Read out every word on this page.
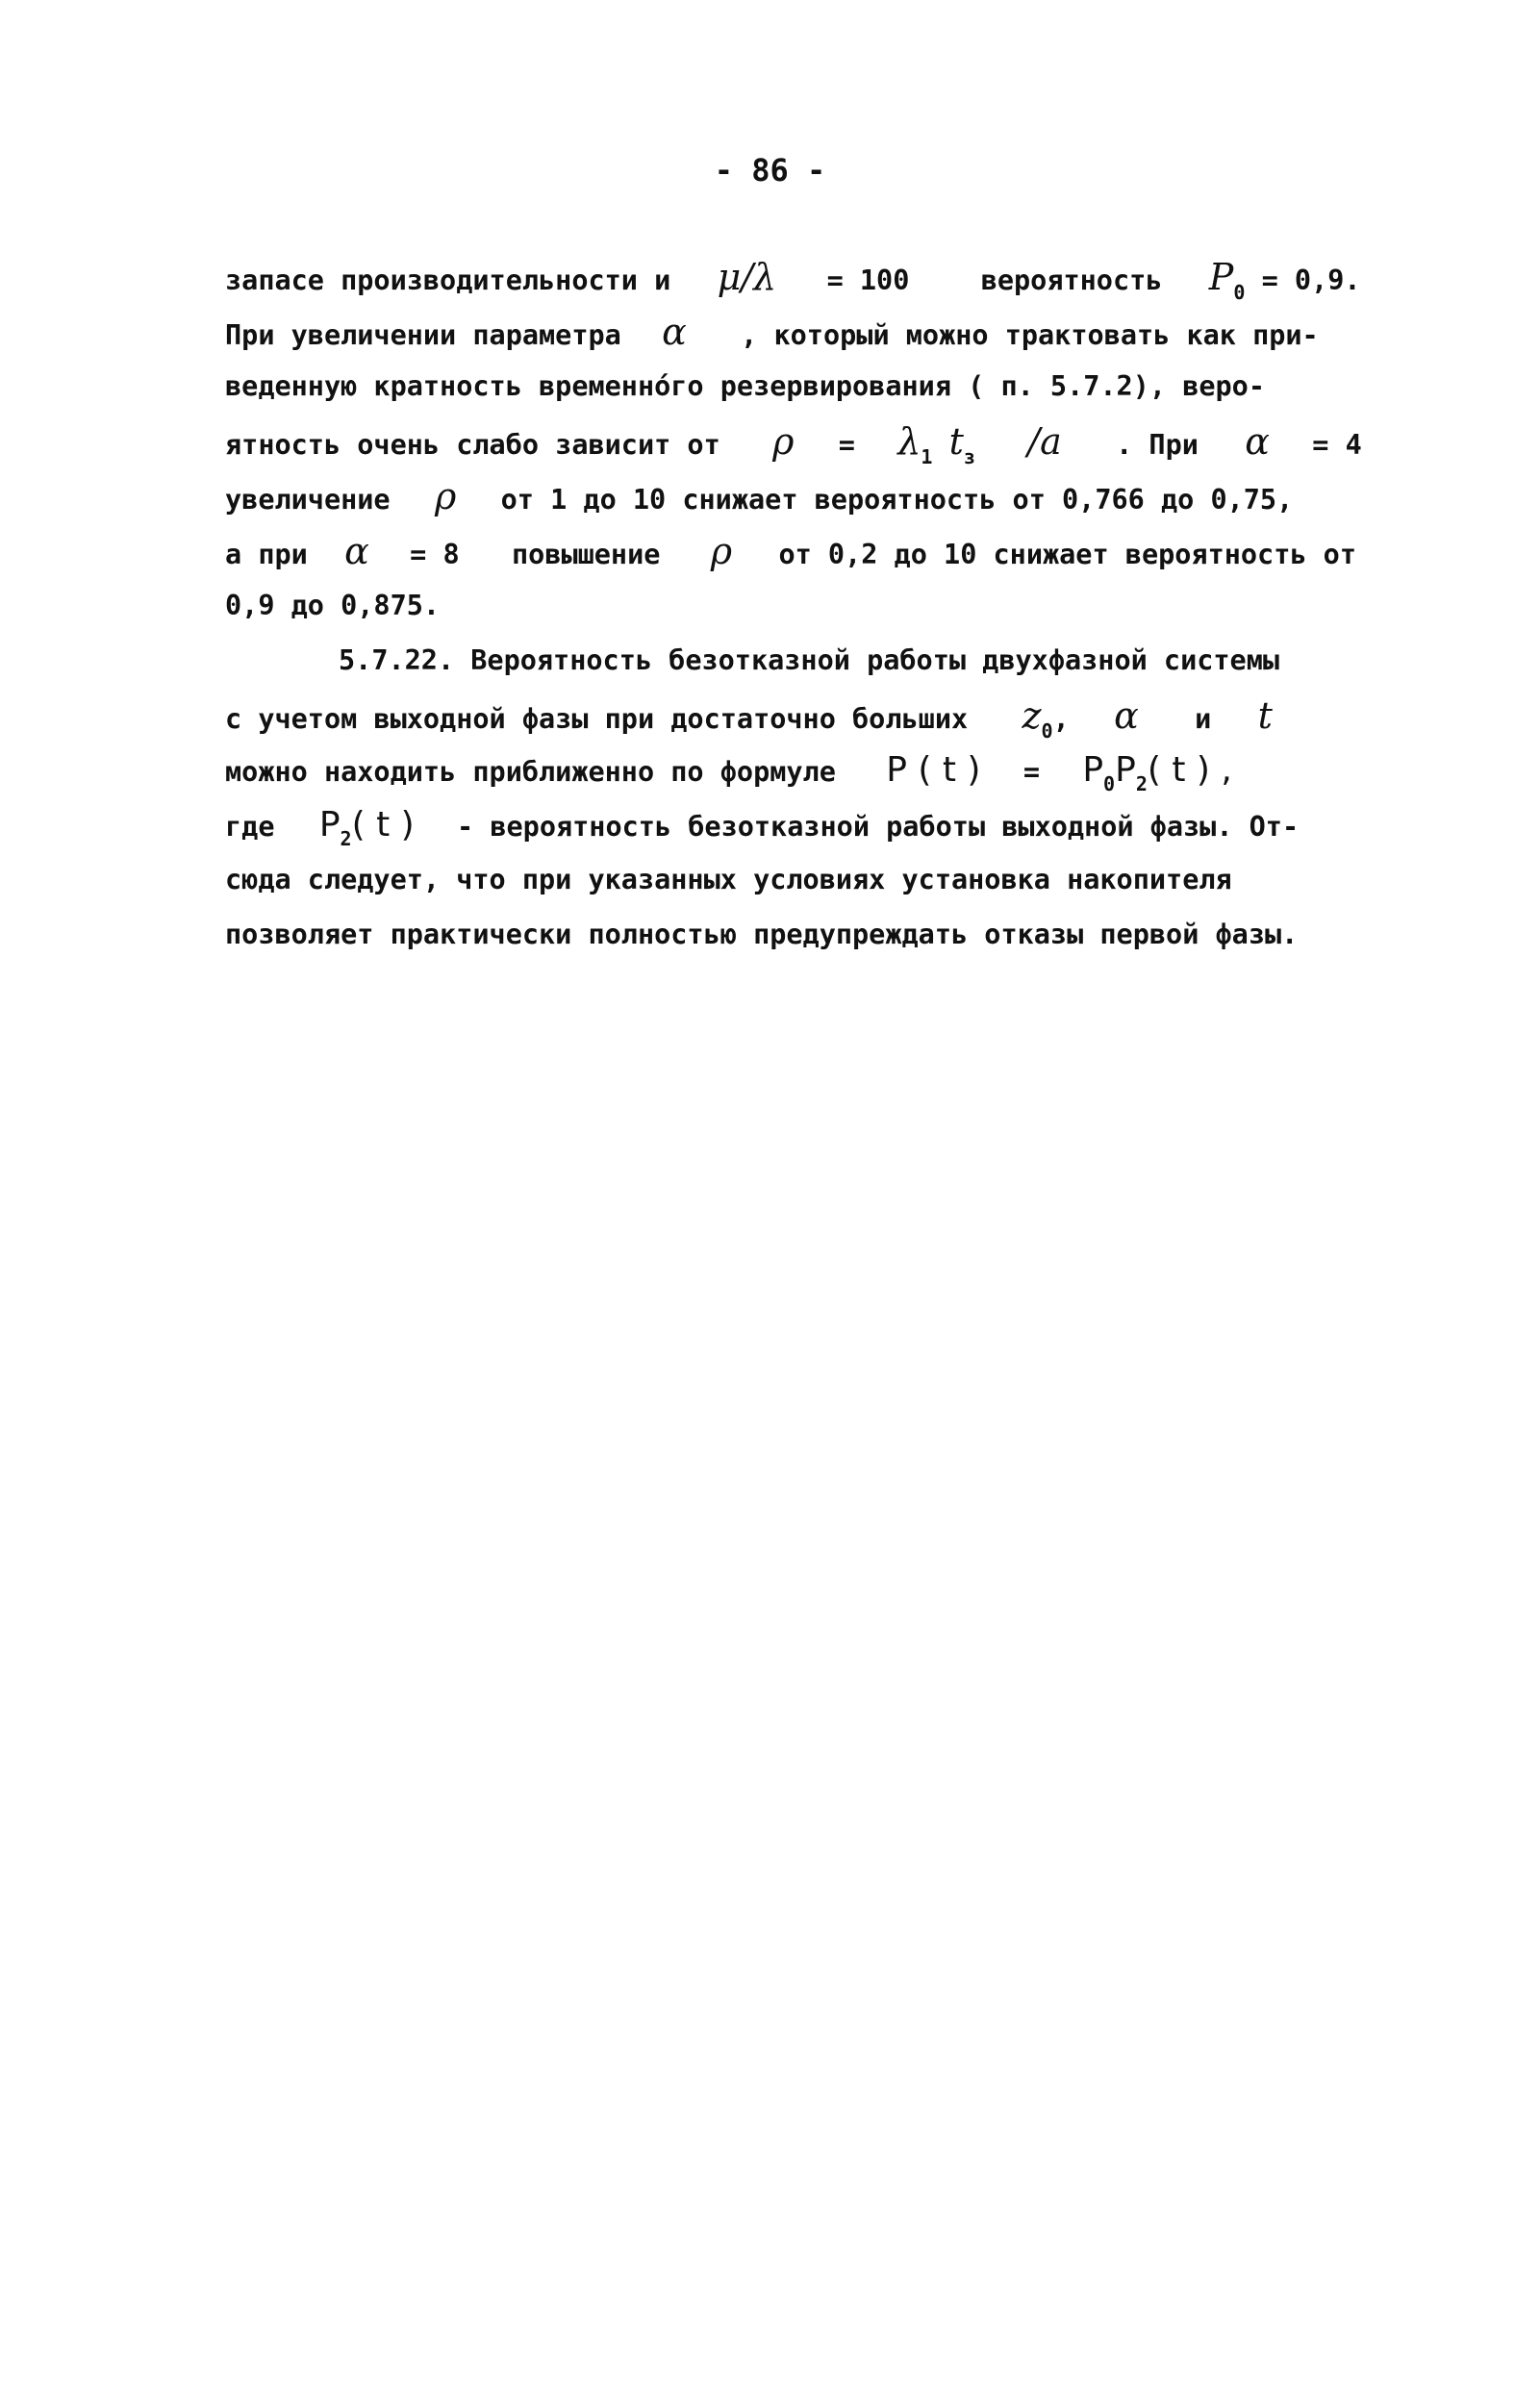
- 86 -
запасе производительности и μ/λ = 100	вероятность $P_0 = 0,9$.
При увеличении параметра α , который можно трактовать как при-
веденную кратность временно́го резервирования ( п. 5.7.2), веро-
ятность очень слабо зависит от $\rho = \lambda_1$ $t_з$ /a . При α = 4
увеличение ρ от 1 до 10 снижает вероятность от 0,766 до 0,75,
а при α = 8 повышение ρ от 0,2 до 10 снижает вероятность от
0,9 до 0,875.
5.7.22. Вероятность безотказной работы двухфазной системы
с учетом выходной фазы при достаточно больших $z_0$, α и t
можно находить приближенно по формуле P ( t ) = $P_0P_2$( t ) ,
где $P_2$( t ) - вероятность безотказной работы выходной фазы. От-
сюда следует, что при указанных условиях установка накопителя
позволяет практически полностью предупреждать отказы первой фазы.
